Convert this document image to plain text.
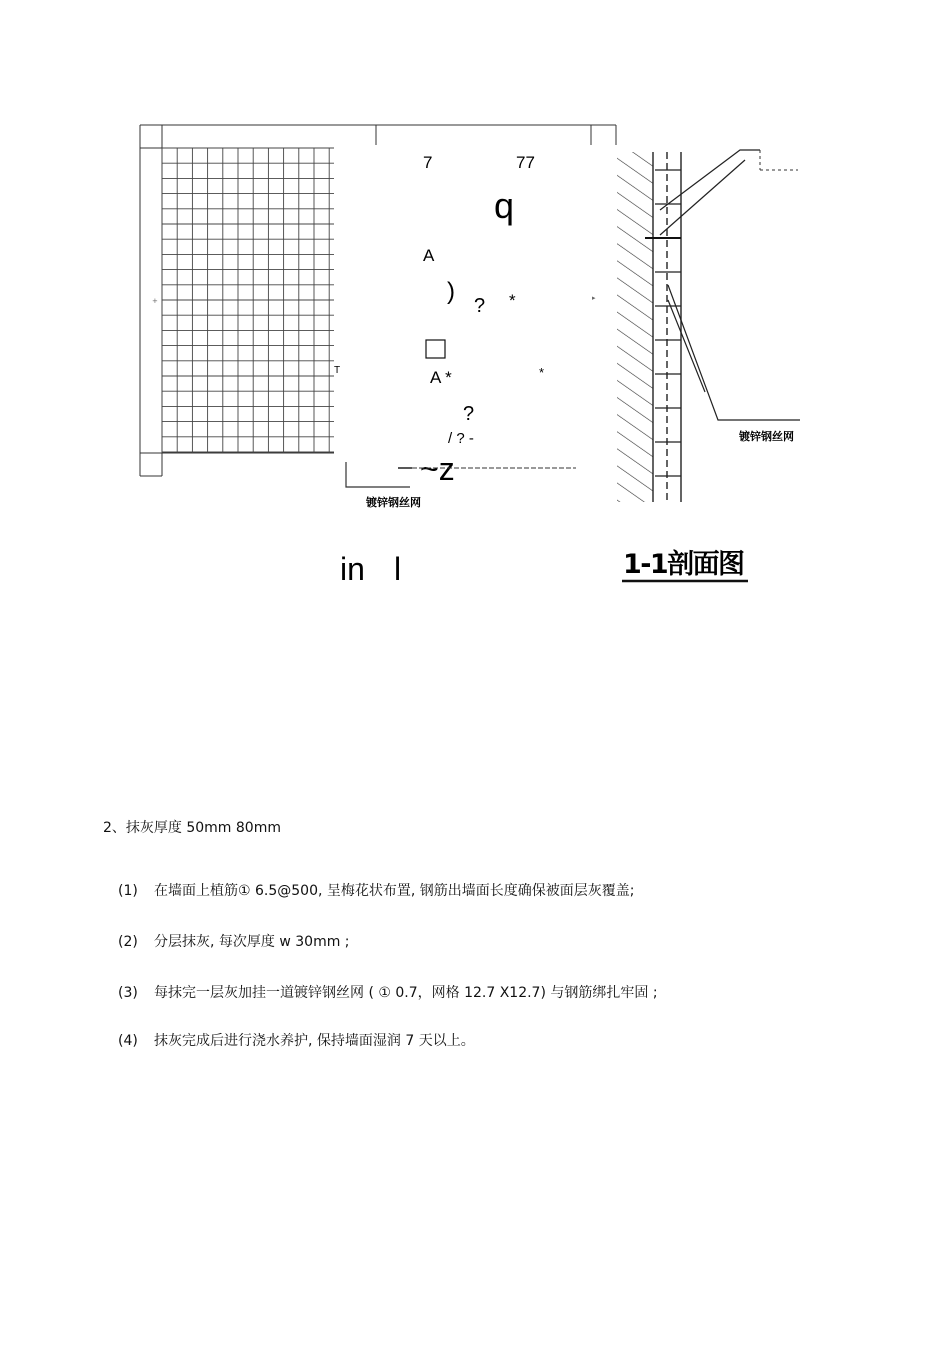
镀锌钢丝网
7	77
q
A
)
? *
T	A *	*
?
/ ? -
~z
in l
▸
+
镀锌钢丝网
1-1剖面图
2、抹灰厚度 50mm 80mm
(1) 在墙面上植筋① 6.5@500, 呈梅花状布置, 钢筋出墙面长度确保被面层灰覆盖;
(2) 分层抹灰, 每次厚度 w 30mm ;
(3) 每抹完一层灰加挂一道镀锌钢丝网 ( ① 0.7，网格 12.7 X12.7) 与钢筋绑扎牢固 ;
(4) 抹灰完成后进行浇水养护, 保持墙面湿润 7 天以上。
